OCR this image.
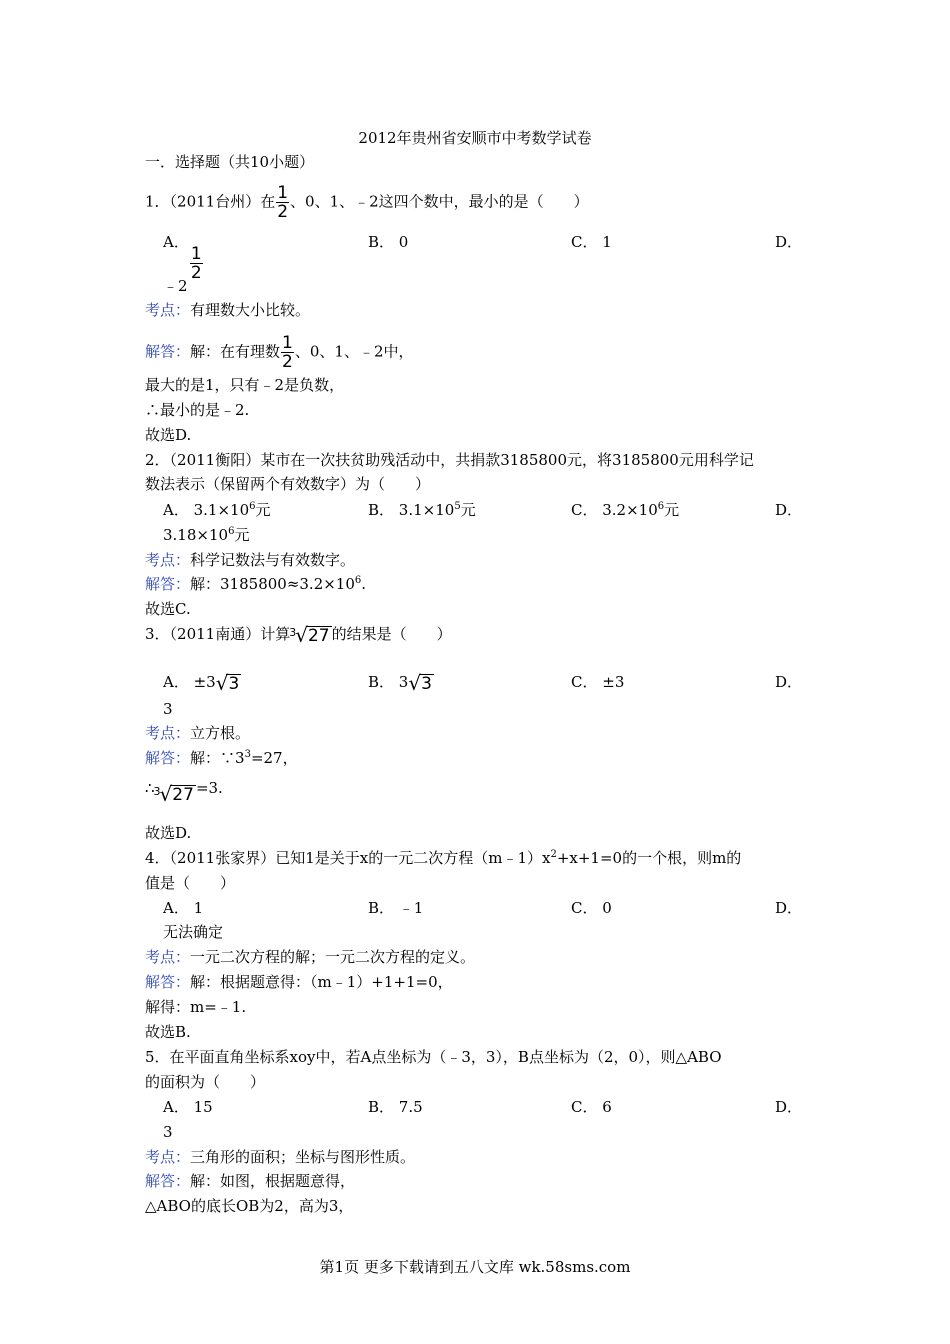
2012年贵州省安顺市中考数学试卷
一．选择题（共10小题）
1．（2011台州）在 $\frac{1}{2}$ 、0、1、﹣2这四个数中，最小的是（　　）
A．
$\frac{1}{2}$
B． 0	C． 1	D．
﹣2
考点：有理数大小比较。
解答：解：在有理数 $\frac{1}{2}$ 、0、1、﹣2中，
最大的是1，只有﹣2是负数，
∴最小的是﹣2.
故选D.
2．（2011衡阳）某市在一次扶贫助残活动中，共捐款3185800元，将3185800元用科学记
数法表示（保留两个有效数字）为（　　）
A． $3.1\times 10^6$元	B． $3.1\times 10^5$元	C． $3.2\times 10^6$元	D．
$3.18\times 10^6$元
考点：科学记数法与有效数字。
解答：解：$3185800\approx 3.2\times 10^6$.
故选C.
3．（2011南通）计算 3 √27 的结果是（　　）
A． ±3√3	B． 3√3	C． ±3	D．
3
考点：立方根。
解答：解：$\because 3^3=27$，
∴ 3 √27 =3.
故选D.
4．（2011张家界）已知1是关于x的一元二次方程$(m﹣1)x^2+x+1=0$的一个根，则m的
值是（　　）
A． 1	B． ﹣1	C． 0	D．
无法确定
考点：一元二次方程的解；一元二次方程的定义。
解答：解：根据题意得：（m﹣1）+1+1=0，
解得：m=﹣1.
故选B.
5．在平面直角坐标系xoy中，若A点坐标为（﹣3，3），B点坐标为（2，0），则△ABO
的面积为（　　）
A． 15	B． 7.5	C． 6	D．
3
考点：三角形的面积；坐标与图形性质。
解答：解：如图，根据题意得，
△ABO的底长OB为2，高为3，
第1页 更多下载请到五八文库 wk.58sms.com
